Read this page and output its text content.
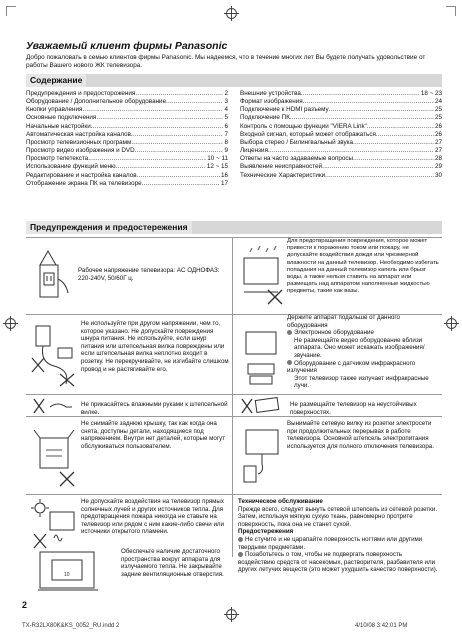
Уважаемый клиент фирмы Panasonic
Добро пожаловать в семью клиентов фирмы Panasonic. Мы надеемся, что в течение многих лет Вы будете получать удовольствие от работы Вашего нового ЖК телевизора.
Содержание
Предупреждения и предосторожения .....	2
Оборудование / Дополнительное оборудование .....	3
Кнопки управления .....	4
Основные подключения .....	5
Начальные настройки .....	6
Автоматическая настройка каналов .....	7
Просмотр телевизионных программ .....	8
Просмотр видео изображения и DVD .....	9
Просмотр телетекста .....	10 ~ 11
Использование функций меню .....	12 ~ 15
Редактирование и настройка каналов .....	16
Отображение экрана ПК на телевизоре .....	17
Внешние устройства .....	18 ~ 23
Формат изображения .....	24
Подключение к HDMI разъему .....	25
Подключение ПК .....	25
Контроль с помощью функции "VIERA Link" .....	26
Входной сигнал, который может отображаться .....	26
Выбора стерео / Билингвальный звука .....	27
Лицензия .....	27
Ответы на часто задаваемые вопросы .....	28
Выявление неисправностей .....	29
Технические Характеристики .....	30
Предупреждения и предостережения
Рабочее напряжение телевизора: AC ОДНОФАЗ: 220-240V, 50/60Г ц.
Для предотвращения повреждения, которое может привести к поражению током или пожару, не допускайте воздействия дождя или чрезмерной влажности на данный телевизор. Необходимо избегать попадания на данный телевизор капель или брызг воды, а также нельзя ставить на аппарат или размещать над аппаратом наполненные жидкостью предметы, такие как вазы.
Не используйте при другом напряжении, чем то, которое указано. Не допускайте повреждения шнура питания. Не используйте, если шнур питания или штепсельная вилка повреждены или если штепсельная вилка неплотно входит в розетку. Не перекручивайте, не изгибайте слишком провод и не растягивайте его.
Держите аппарат подальше от данного оборудования
Электронное оборудование
Не размещайте видео оборудование вблизи аппарата. Оно может искажать изображения/звучание.
Оборудование с датчиком инфракрасного излучения
Этот телевизор также излучает инфракрасные лучи.
Не прикасайтесь влажными руками к штепсельной вилке.
Не размещайте телевизор на неустойчивых поверхностях.
Не снимайте заднюю крышку, так как когда она снята, доступны детали, находящиеся под напряжением. Внутри нет деталей, которые могут обслуживаться пользователем.
Вынимайте сетевую вилку из розетки электросети при продолжительных перерывах в работе телевизора. Основной штепсель электропитания используется для полного отключения телевизора.
Не допускайте воздействия на телевизор прямых солнечных лучей и других источников тепла. Для предотвращения пожара никогда не ставьте на телевизор или рядом с ним какие-либо свечи или источники открытого пламени.
10
Обеспечьте наличие достаточного пространства вокруг аппарата для излучаемого тепла. Не закрывайте задние вентиляционные отверстия.
Техническое обслуживание
Прежде всего, следует вынуть сетевой штепсель из сетевой розетки. Затем, используя мягкую сухую ткань, равномерно протрите поверхность, пока она не станет сухой.
Предостережения
Не стучите и не царапайте поверхность ногтями или другими твердыми предметами.
Позаботьтесь о том, чтобы не подвергать поверхность воздействию средств от насекомых, растворителя, разбавителя или других летучих веществ (это может ухудшить качество поверхности).
2
TX-R32LX80K&KS_0052_RU.indd 2	4/10/08 3:42:01 PM
